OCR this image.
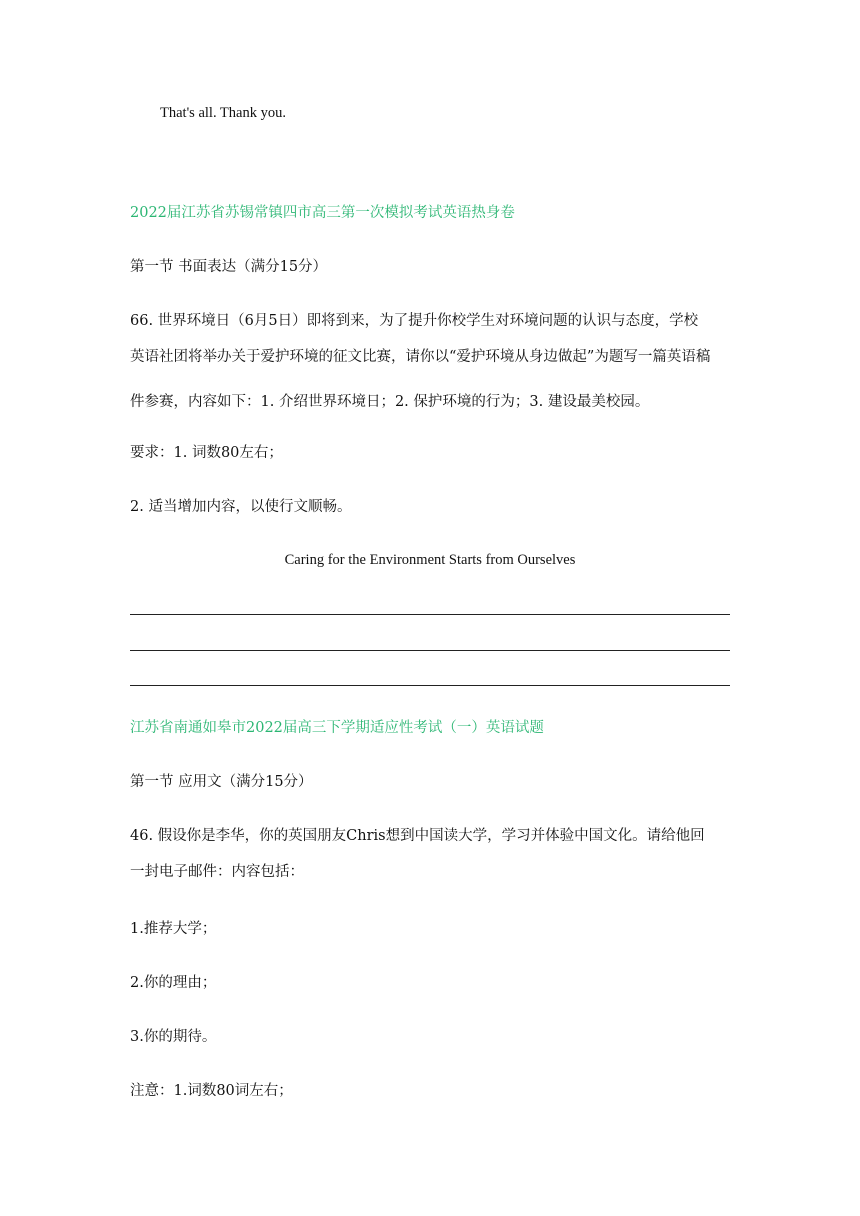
That's all. Thank you.
2022届江苏省苏锡常镇四市高三第一次模拟考试英语热身卷
第一节 书面表达（满分15分）
66. 世界环境日（6月5日）即将到来，为了提升你校学生对环境问题的认识与态度，学校
英语社团将举办关于爱护环境的征文比赛，请你以“爱护环境从身边做起”为题写一篇英语稿
件参赛，内容如下：1. 介绍世界环境日；2. 保护环境的行为；3. 建设最美校园。
要求：1. 词数80左右；
2. 适当增加内容，以使行文顺畅。
Caring for the Environment Starts from Ourselves
江苏省南通如皋市2022届高三下学期适应性考试（一）英语试题
第一节 应用文（满分15分）
46. 假设你是李华，你的英国朋友Chris想到中国读大学，学习并体验中国文化。请给他回
一封电子邮件：内容包括：
1.推荐大学；
2.你的理由；
3.你的期待。
注意：1.词数80词左右；
